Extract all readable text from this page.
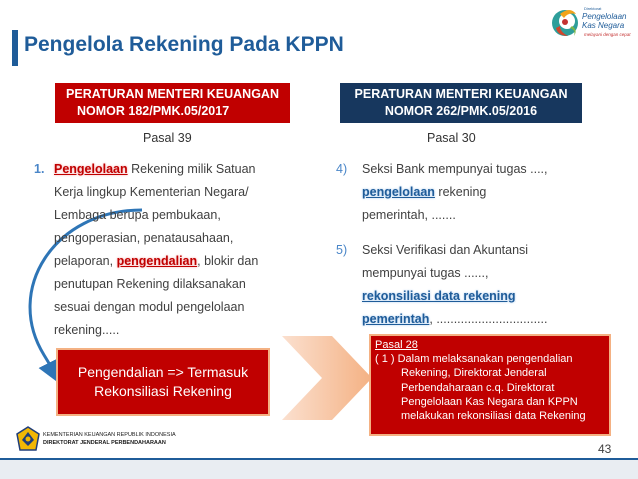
Pengelola Rekening Pada KPPN
Direktorat
Pengelolaan
Kas Negara
melayani dengan cepat
PERATURAN MENTERI KEUANGAN
NOMOR 182/PMK.05/2017
PERATURAN MENTERI KEUANGAN
NOMOR 262/PMK.05/2016
Pasal 39	Pasal 30
1. Pengelolaan Rekening milik Satuan
Kerja lingkup Kementerian Negara/
Lembaga berupa pembukaan,
pengoperasian, penatausahaan,
pelaporan, pengendalian, blokir dan
penutupan Rekening dilaksanakan
sesuai dengan modul pengelolaan
rekening.....
4) Seksi Bank mempunyai tugas ....,
pengelolaan rekening
pemerintah, .......
5) Seksi Verifikasi dan Akuntansi
mempunyai tugas ......,
rekonsiliasi data rekening
pemerintah, ................................
Pengendalian => Termasuk
Rekonsiliasi Rekening
Pasal 28
( 1 ) Dalam melaksanakan pengendalian
Rekening, Direktorat Jenderal
Perbendaharaan c.q. Direktorat
Pengelolaan Kas Negara dan KPPN
melakukan rekonsiliasi data Rekening
KEMENTERIAN KEUANGAN REPUBLIK INDONESIA
DIREKTORAT JENDERAL PERBENDAHARAAN	43
